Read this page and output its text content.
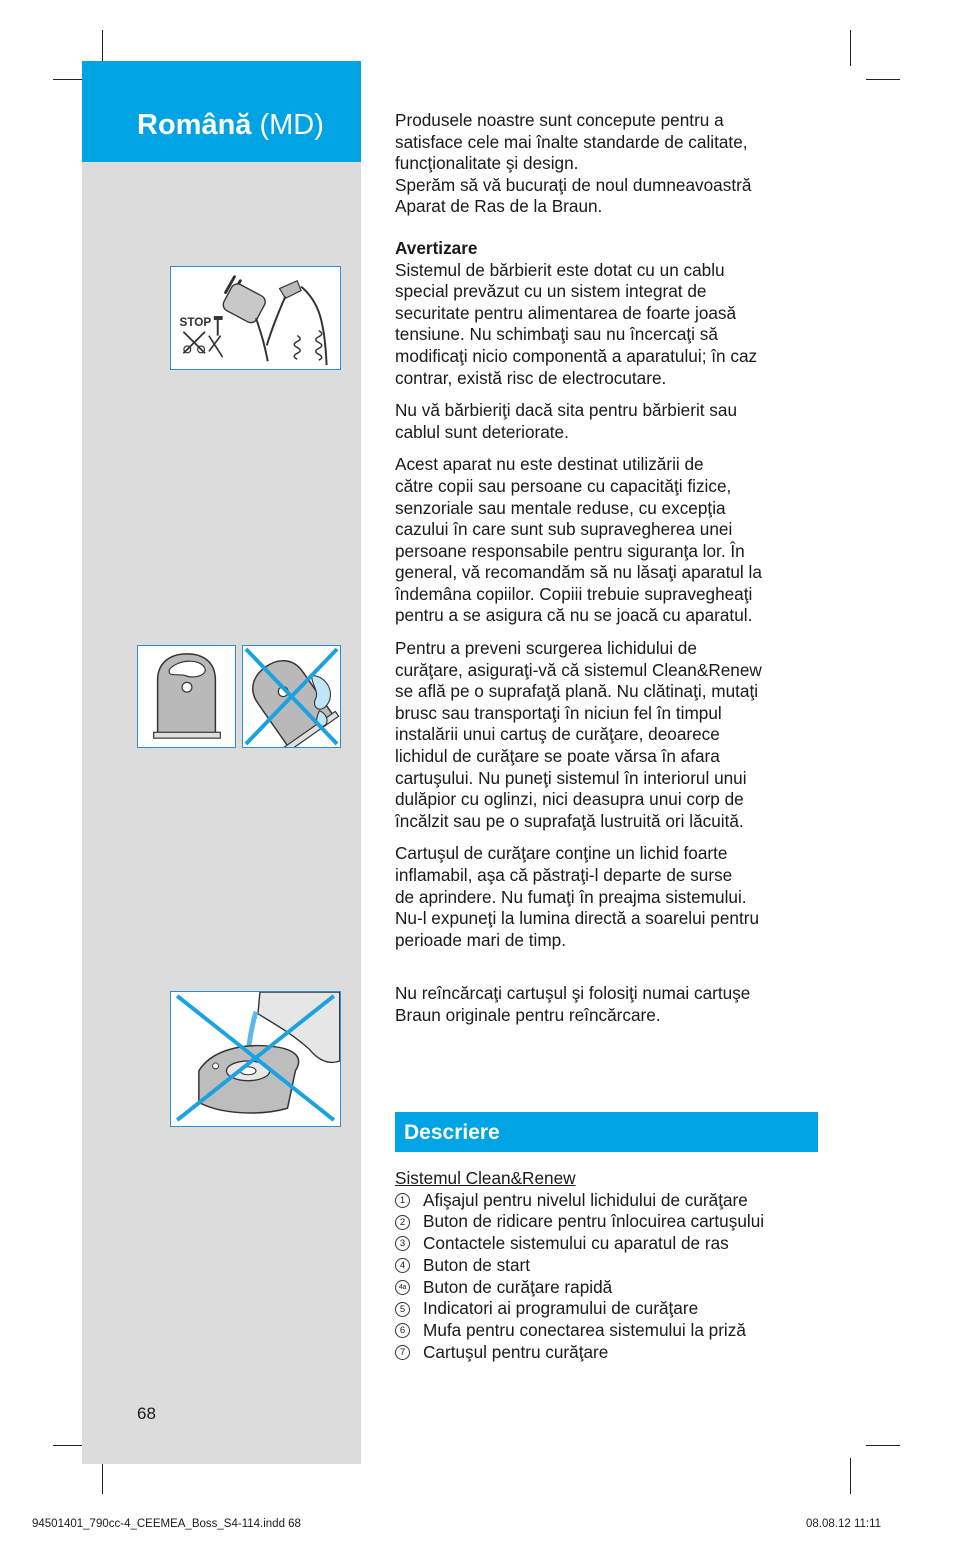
Română (MD)
STOP
68

Produsele noastre sunt concepute pentru a
satisface cele mai înalte standarde de calitate,
funcţionalitate şi design.
Sperăm să vă bucuraţi de noul dumneavoastră
Aparat de Ras de la Braun.

Avertizare
Sistemul de bărbierit este dotat cu un cablu
special prevăzut cu un sistem integrat de
securitate pentru alimentarea de foarte joasă
tensiune. Nu schimbaţi sau nu încercaţi să
modificaţi nicio componentă a aparatului; în caz
contrar, există risc de electrocutare.

Nu vă bărbieriţi dacă sita pentru bărbierit sau
cablul sunt deteriorate.

Acest aparat nu este destinat utilizării de
către copii sau persoane cu capacităţi fizice,
senzoriale sau mentale reduse, cu excepţia
cazului în care sunt sub supravegherea unei
persoane responsabile pentru siguranţa lor. În
general, vă recomandăm să nu lăsaţi aparatul la
îndemâna copiilor. Copiii trebuie supravegheaţi
pentru a se asigura că nu se joacă cu aparatul.

Pentru a preveni scurgerea lichidului de
curăţare, asiguraţi-vă că sistemul Clean&Renew
se află pe o suprafaţă plană. Nu clătinaţi, mutaţi
brusc sau transportaţi în niciun fel în timpul
instalării unui cartuş de curăţare, deoarece
lichidul de curăţare se poate vărsa în afara
cartuşului. Nu puneţi sistemul în interiorul unui
dulăpior cu oglinzi, nici deasupra unui corp de
încălzit sau pe o suprafaţă lustruită ori lăcuită.

Cartuşul de curăţare conţine un lichid foarte
inflamabil, aşa că păstraţi-l departe de surse
de aprindere. Nu fumaţi în preajma sistemului.
Nu-l expuneţi la lumina directă a soarelui pentru
perioade mari de timp.

Nu reîncărcaţi cartuşul şi folosiţi numai cartuşe
Braun originale pentru reîncărcare.

Descriere
Sistemul Clean&Renew
1 Afişajul pentru nivelul lichidului de curăţare
2 Buton de ridicare pentru înlocuirea cartuşului
3 Contactele sistemului cu aparatul de ras
4 Buton de start
4a Buton de curăţare rapidă
5 Indicatori ai programului de curăţare
6 Mufa pentru conectarea sistemului la priză
7 Cartuşul pentru curăţare
94501401_790cc-4_CEEMEA_Boss_S4-114.indd 68	08.08.12 11:11
